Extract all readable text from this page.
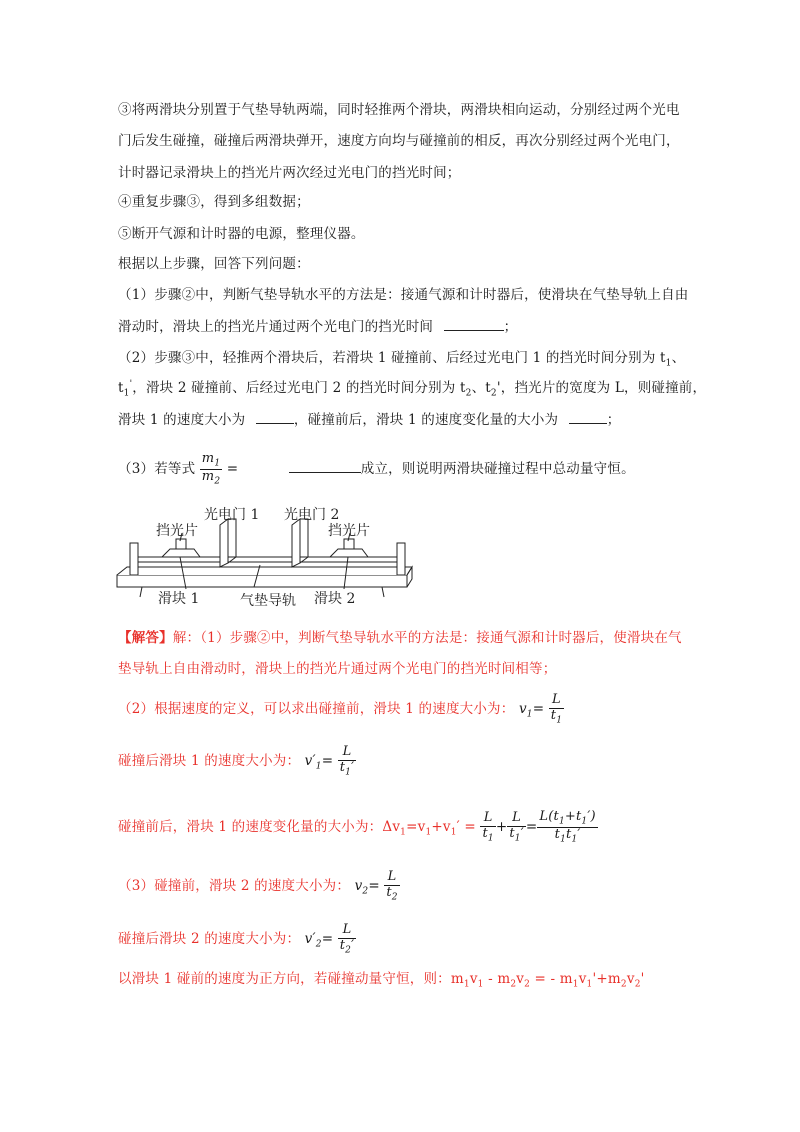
③将两滑块分别置于气垫导轨两端，同时轻推两个滑块，两滑块相向运动，分别经过两个光电
门后发生碰撞，碰撞后两滑块弹开，速度方向均与碰撞前的相反，再次分别经过两个光电门，
计时器记录滑块上的挡光片两次经过光电门的挡光时间；
④重复步骤③，得到多组数据；
⑤断开气源和计时器的电源，整理仪器。
根据以上步骤，回答下列问题：
（1）步骤②中，判断气垫导轨水平的方法是：接通气源和计时器后，使滑块在气垫导轨上自由
滑动时，滑块上的挡光片通过两个光电门的挡光时间	；
（2）步骤③中，轻推两个滑块后，若滑块 1 碰撞前、后经过光电门 1 的挡光时间分别为 $t_1$、
$t_1'$，滑块 2 碰撞前、后经过光电门 2 的挡光时间分别为 $t_2$、$t_2'$，挡光片的宽度为 L，则碰撞前，
滑块 1 的速度大小为	，碰撞前后，滑块 1 的速度变化量的大小为	；
（3）若等式 $\frac{m_1}{m_2}$ =	成立，则说明两滑块碰撞过程中总动量守恒。
光电门 1 光电门 2
挡光片	挡光片
滑块 1	气垫导轨 滑块 2
【解答】解：（1）步骤②中，判断气垫导轨水平的方法是：接通气源和计时器后，使滑块在气
垫导轨上自由滑动时，滑块上的挡光片通过两个光电门的挡光时间相等；
（2）根据速度的定义，可以求出碰撞前，滑块 1 的速度大小为： $v_1= \frac{L}{t_1}$
碰撞后滑块 1 的速度大小为： $v'_1= \frac{L}{t_1'}$
碰撞前后，滑块 1 的速度变化量的大小为：$\Delta v_1=v_1+v_1' = \frac{L}{t_1} + \frac{L}{t_1'} = \frac{L(t_1+t_1')}{t_1t_1'}$
（3）碰撞前，滑块 2 的速度大小为： $v_2= \frac{L}{t_2}$
碰撞后滑块 2 的速度大小为： $v'_2= \frac{L}{t_2'}$
以滑块 1 碰前的速度为正方向，若碰撞动量守恒，则：$m_1v_1 - m_2v_2$ = - $m_1v_1'+m_2v_2'$
